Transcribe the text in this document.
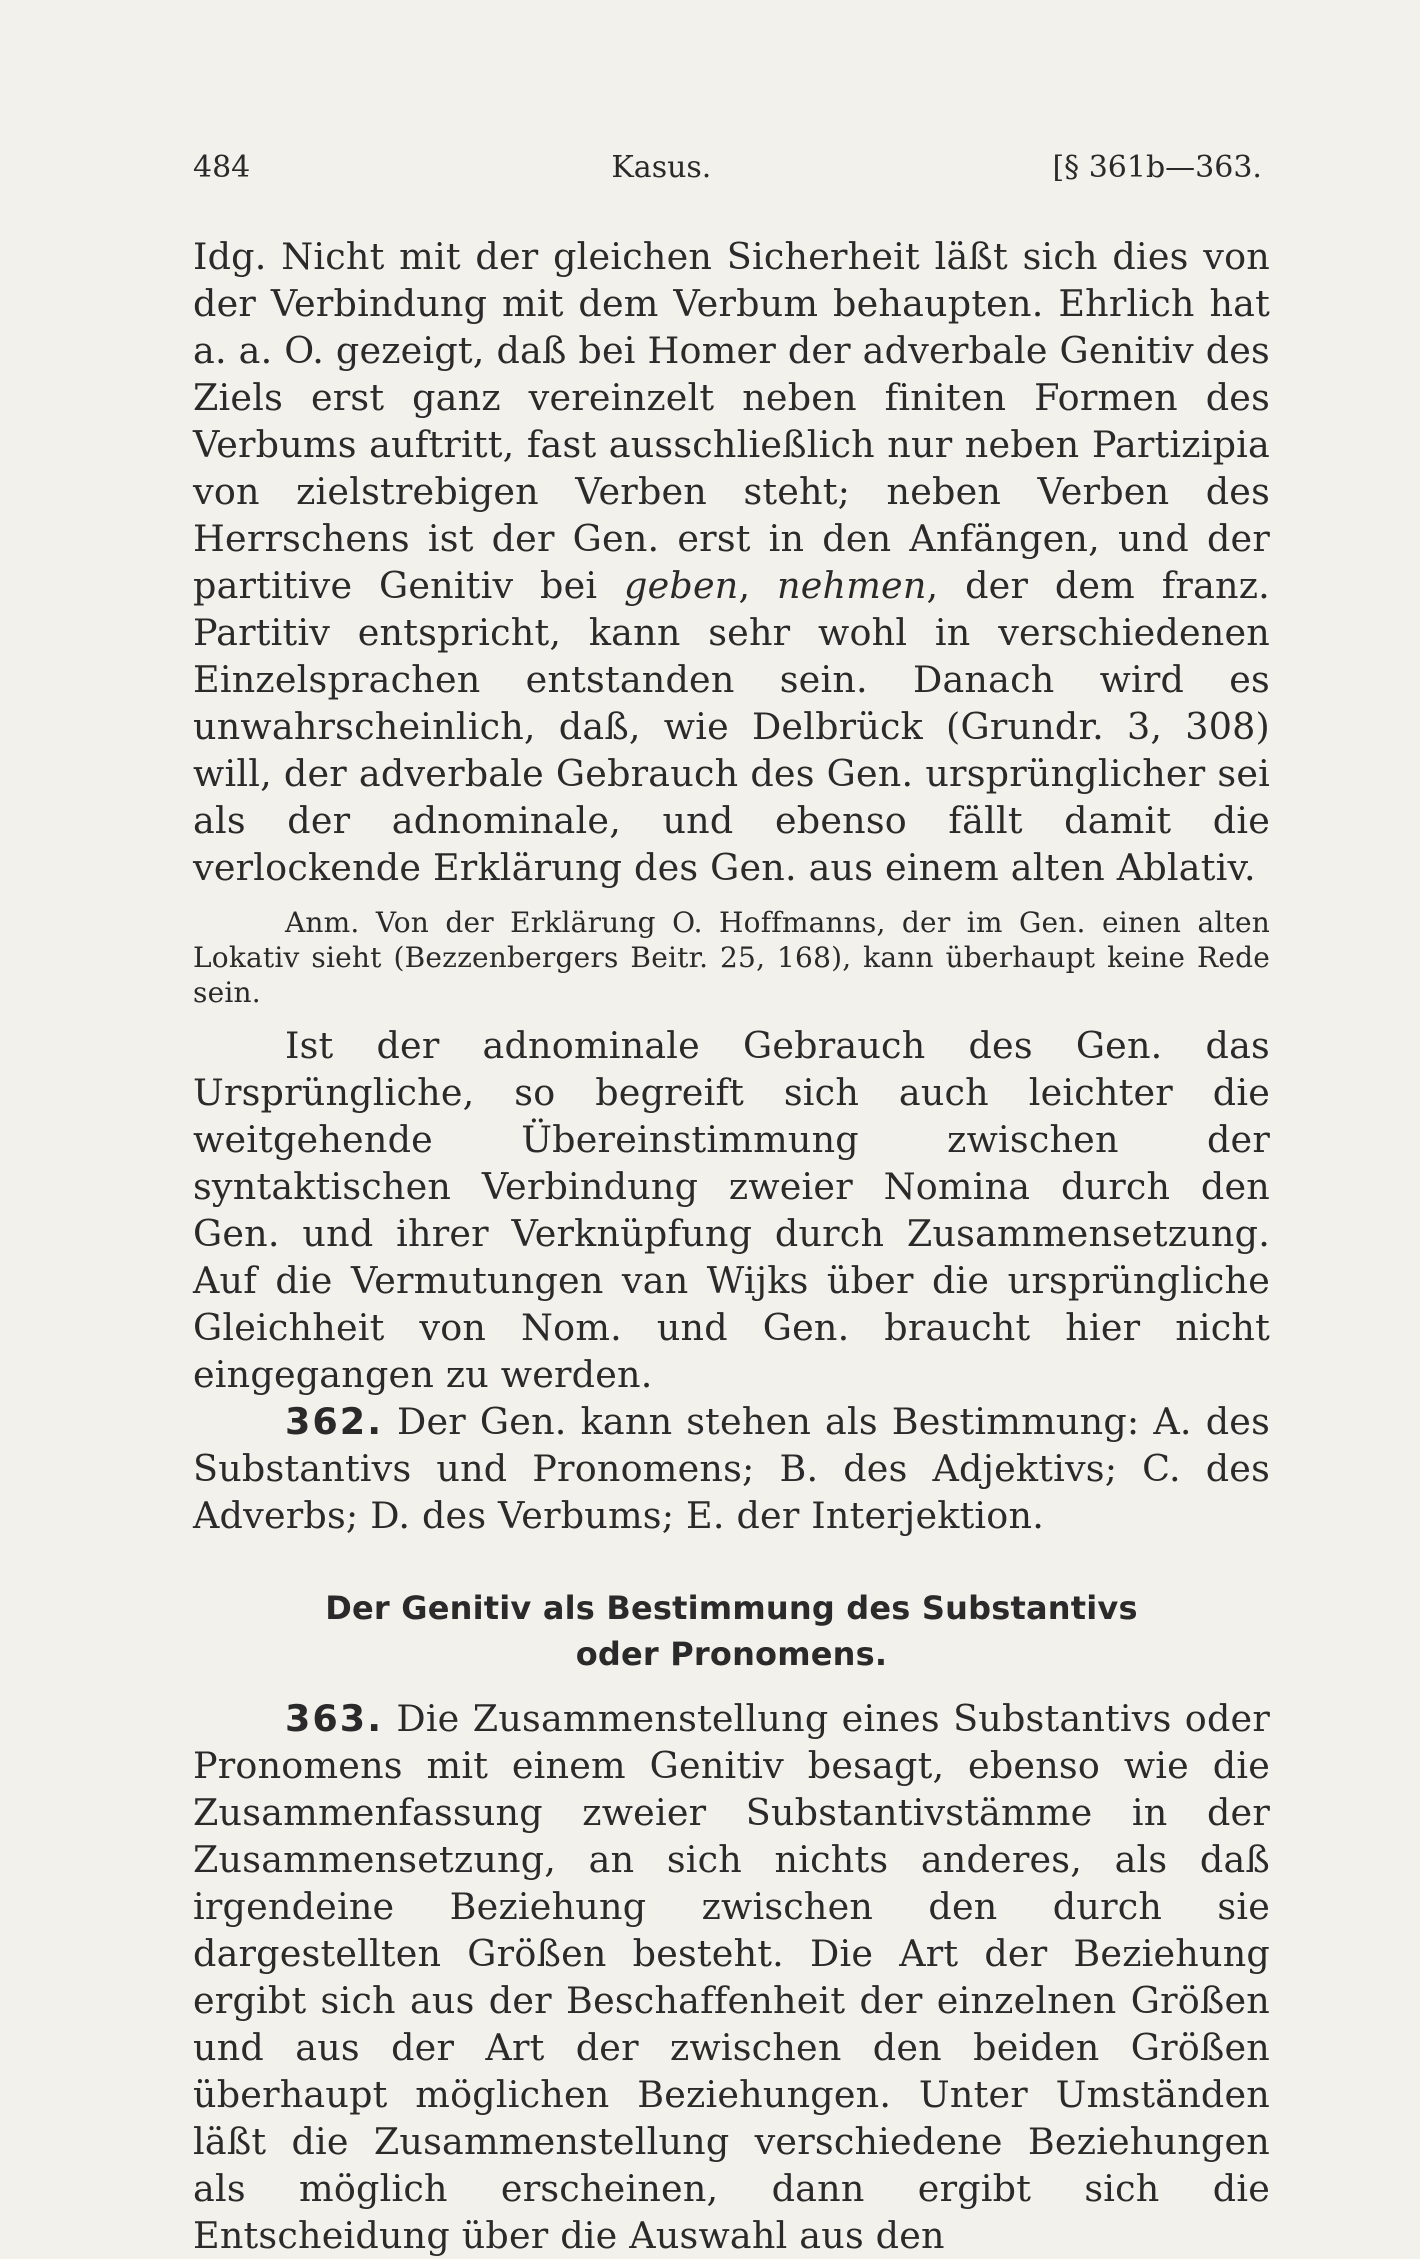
484	Kasus.	[§ 361b—363.

Idg. Nicht mit der gleichen Sicherheit läßt sich dies von der Verbindung mit dem Verbum behaupten. Ehrlich hat a. a. O. gezeigt, daß bei Homer der adverbale Genitiv des Ziels erst ganz vereinzelt neben finiten Formen des Verbums auftritt, fast ausschließlich nur neben Partizipia von zielstrebigen Verben steht; neben Verben des Herrschens ist der Gen. erst in den Anfängen, und der partitive Genitiv bei geben, nehmen, der dem franz. Partitiv entspricht, kann sehr wohl in verschiedenen Einzelsprachen entstanden sein. Danach wird es unwahrscheinlich, daß, wie Delbrück (Grundr. 3, 308) will, der adverbale Gebrauch des Gen. ursprünglicher sei als der adnominale, und ebenso fällt damit die verlockende Erklärung des Gen. aus einem alten Ablativ.

Anm. Von der Erklärung O. Hoffmanns, der im Gen. einen alten Lokativ sieht (Bezzenbergers Beitr. 25, 168), kann überhaupt keine Rede sein.

Ist der adnominale Gebrauch des Gen. das Ursprüngliche, so begreift sich auch leichter die weitgehende Übereinstimmung zwischen der syntaktischen Verbindung zweier Nomina durch den Gen. und ihrer Verknüpfung durch Zusammensetzung. Auf die Vermutungen van Wijks über die ursprüngliche Gleichheit von Nom. und Gen. braucht hier nicht eingegangen zu werden.

362. Der Gen. kann stehen als Bestimmung: A. des Substantivs und Pronomens; B. des Adjektivs; C. des Adverbs; D. des Verbums; E. der Interjektion.

Der Genitiv als Bestimmung des Substantivs
oder Pronomens.

363. Die Zusammenstellung eines Substantivs oder Pronomens mit einem Genitiv besagt, ebenso wie die Zusammenfassung zweier Substantivstämme in der Zusammensetzung, an sich nichts anderes, als daß irgendeine Beziehung zwischen den durch sie dargestellten Größen besteht. Die Art der Beziehung ergibt sich aus der Beschaffenheit der einzelnen Größen und aus der Art der zwischen den beiden Größen überhaupt möglichen Beziehungen. Unter Umständen läßt die Zusammenstellung verschiedene Beziehungen als möglich erscheinen, dann ergibt sich die Entscheidung über die Auswahl aus den
